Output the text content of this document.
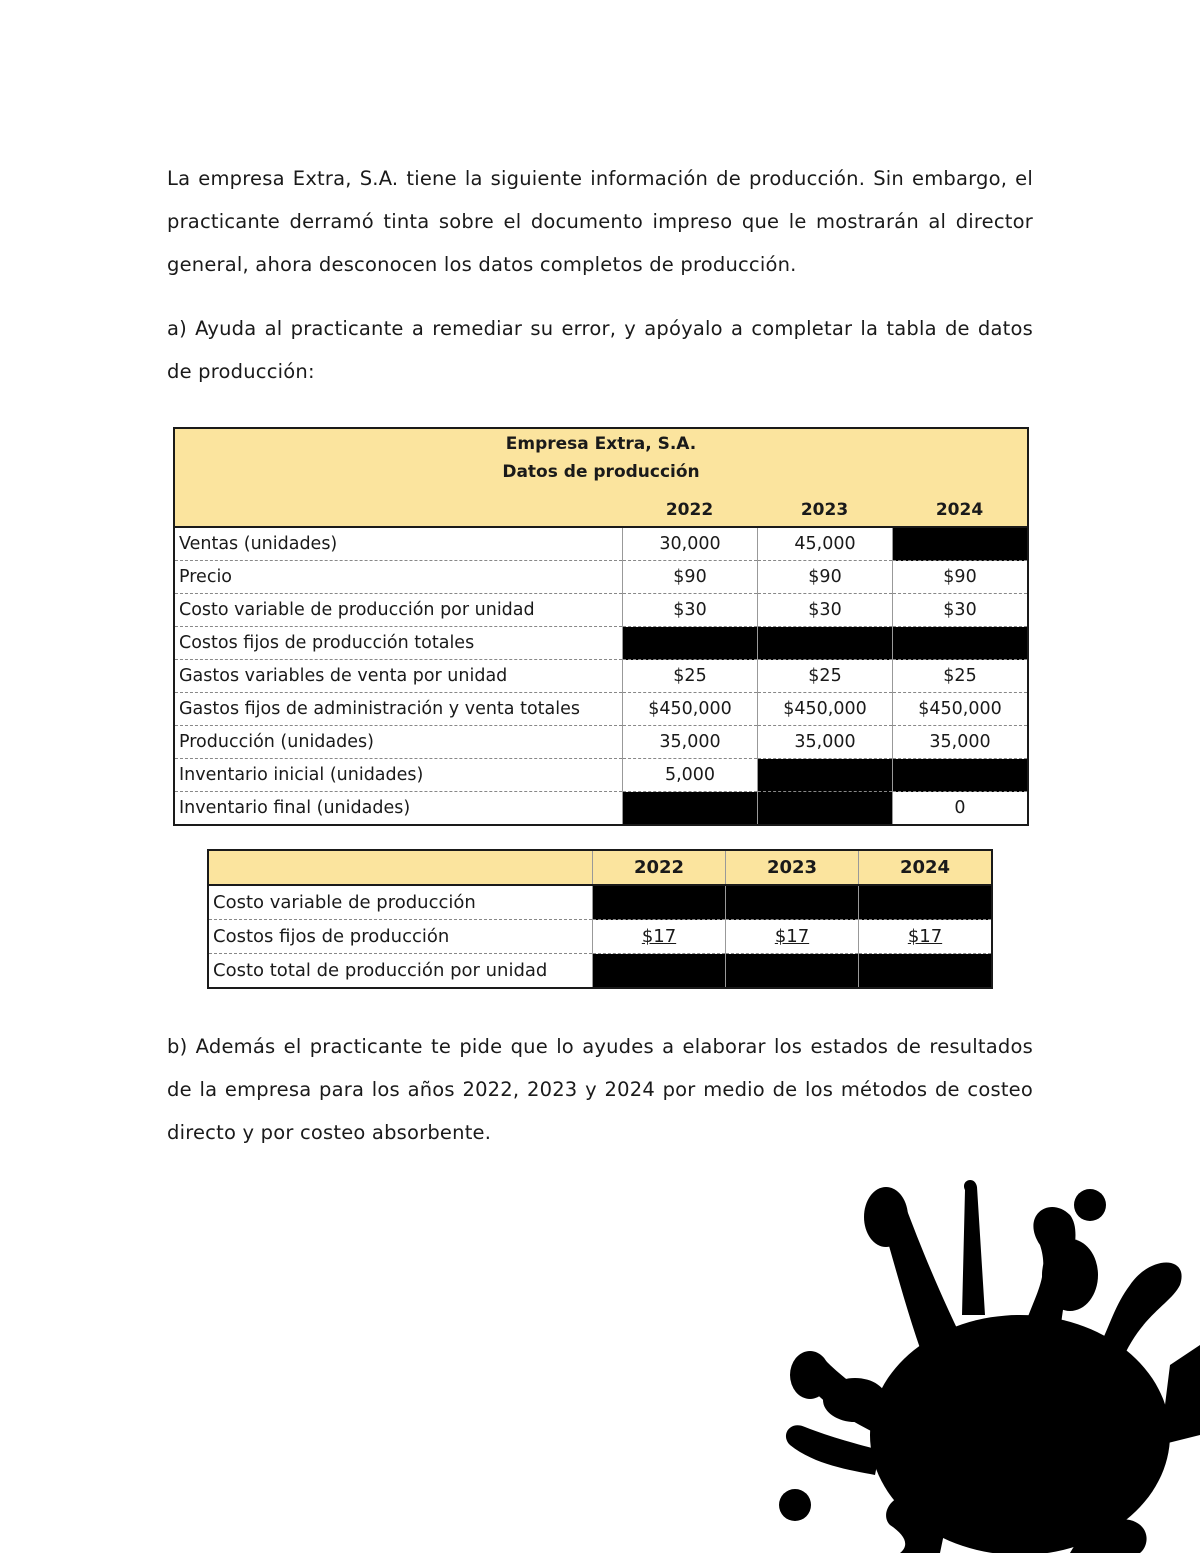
La empresa Extra, S.A. tiene la siguiente información de producción. Sin embargo, el practicante derramó tinta sobre el documento impreso que le mostrarán al director general, ahora desconocen los datos completos de producción.

a) Ayuda al practicante a remediar su error, y apóyalo a completar la tabla de datos de producción:

Empresa Extra, S.A.
Datos de producción
2022 2023 2024			

Ventas (unidades)	30,000	45,000	
Precio	$90	$90	$90
Costo variable de producción por unidad	$30	$30	$30
Costos fijos de producción totales			
Gastos variables de venta por unidad	$25	$25	$25
Gastos fijos de administración y venta totales	$450,000	$450,000	$450,000
Producción (unidades)	35,000	35,000	35,000
Inventario inicial (unidades)	5,000		
Inventario final (unidades)			0
	2022	2023	2024
Costo variable de producción			
Costos fijos de producción	$17	$17	$17
Costo total de producción por unidad			

b) Además el practicante te pide que lo ayudes a elaborar los estados de resultados de la empresa para los años 2022, 2023 y 2024 por medio de los métodos de costeo directo y por costeo absorbente.
